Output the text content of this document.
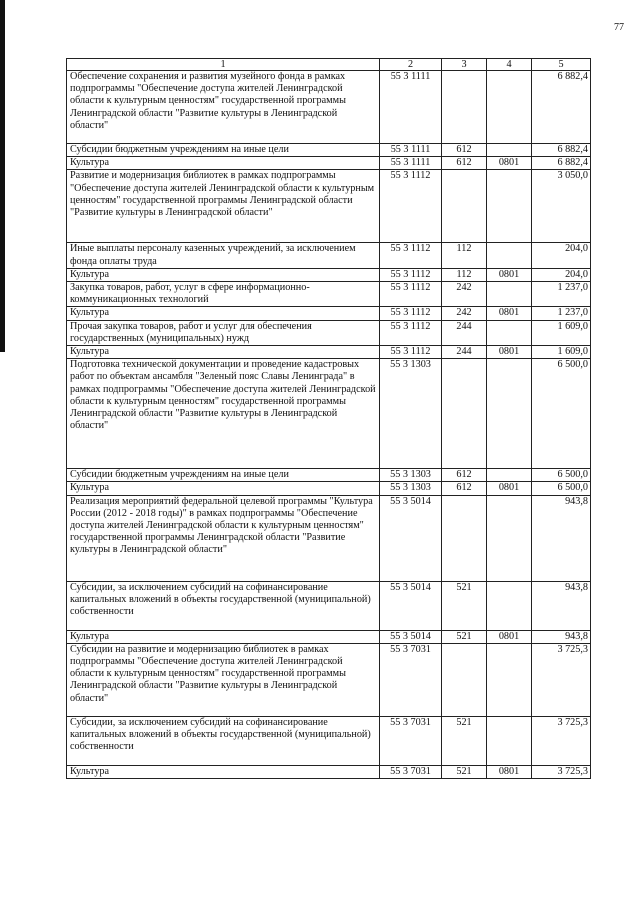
77
1	2	3	4	5
Обеспечение сохранения и развития музейного фонда в рамках подпрограммы "Обеспечение доступа жителей Ленинградской области к культурным ценностям" государственной программы Ленинградской области "Развитие культуры в Ленинградской области"	55 3 1111			6 882,4
Субсидии бюджетным учреждениям на иные цели	55 3 1111	612		6 882,4
Культура	55 3 1111	612	0801	6 882,4
Развитие и модернизация библиотек в рамках подпрограммы "Обеспечение доступа жителей Ленинградской области к культурным ценностям" государственной программы Ленинградской области "Развитие культуры в Ленинградской области"	55 3 1112			3 050,0
Иные выплаты персоналу казенных учреждений, за исключением фонда оплаты труда	55 3 1112	112		204,0
Культура	55 3 1112	112	0801	204,0
Закупка товаров, работ, услуг в сфере информационно-коммуникационных технологий	55 3 1112	242		1 237,0
Культура	55 3 1112	242	0801	1 237,0
Прочая закупка товаров, работ и услуг для обеспечения государственных (муниципальных) нужд	55 3 1112	244		1 609,0
Культура	55 3 1112	244	0801	1 609,0
Подготовка технической документации и проведение кадастровых работ по объектам ансамбля "Зеленый пояс Славы Ленинграда" в рамках подпрограммы "Обеспечение доступа жителей Ленинградской области к культурным ценностям" государственной программы Ленинградской области "Развитие культуры в Ленинградской области"	55 3 1303			6 500,0
Субсидии бюджетным учреждениям на иные цели	55 3 1303	612		6 500,0
Культура	55 3 1303	612	0801	6 500,0
Реализация мероприятий федеральной целевой программы "Культура России (2012 - 2018 годы)" в рамках подпрограммы "Обеспечение доступа жителей Ленинградской области к культурным ценностям" государственной программы Ленинградской области "Развитие культуры в Ленинградской области"	55 3 5014			943,8
Субсидии, за исключением субсидий на софинансирование капитальных вложений в объекты государственной (муниципальной) собственности	55 3 5014	521		943,8
Культура	55 3 5014	521	0801	943,8
Субсидии на развитие и модернизацию библиотек в рамках подпрограммы "Обеспечение доступа жителей Ленинградской области к культурным ценностям" государственной программы Ленинградской области "Развитие культуры в Ленинградской области"	55 3 7031			3 725,3
Субсидии, за исключением субсидий на софинансирование капитальных вложений в объекты государственной (муниципальной) собственности	55 3 7031	521		3 725,3
Культура	55 3 7031	521	0801	3 725,3
